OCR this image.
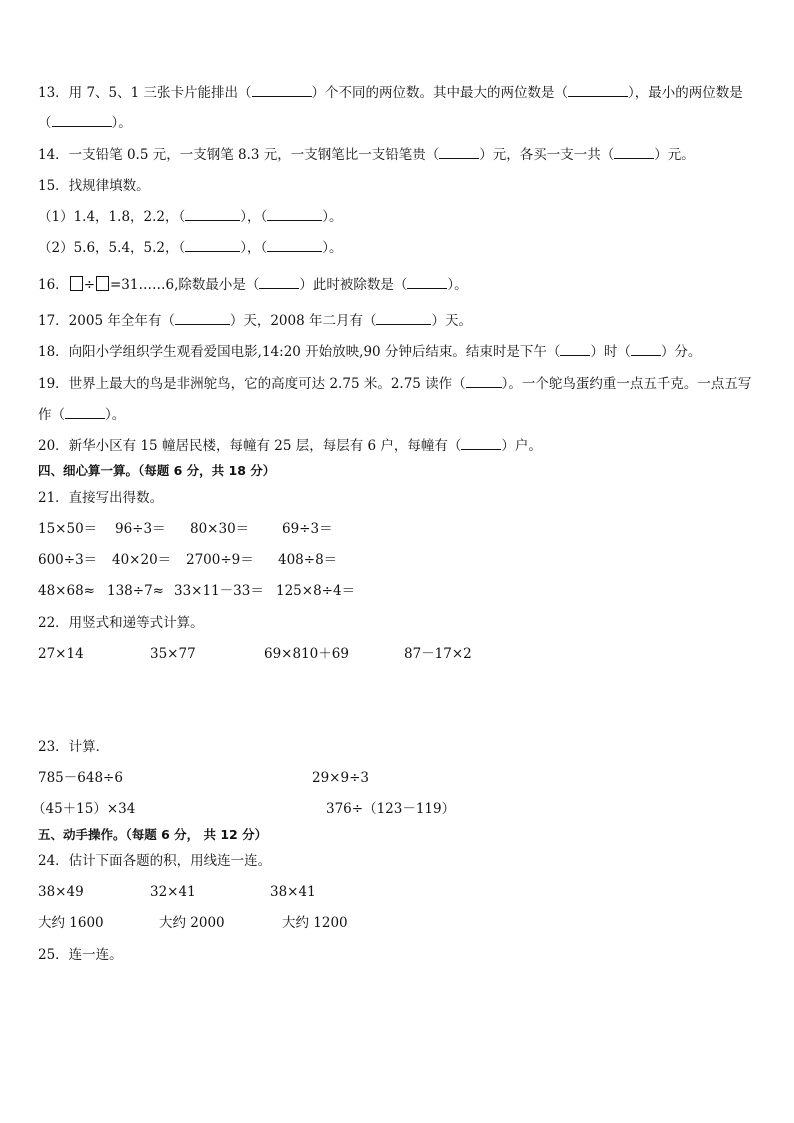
13．用 7、5、1 三张卡片能排出（	）个不同的两位数。其中最大的两位数是（	），最小的两位数是
（	）。
14．一支铅笔 0.5 元，一支钢笔 8.3 元，一支钢笔比一支铅笔贵（	）元，各买一支一共（	）元。
15．找规律填数。
（1）1.4，1.8，2.2，（	），（	）。
（2）5.6，5.4，5.2，（	），（	）。
16． ÷ =31……6,除数最小是（	）此时被除数是（	）。
17．2005 年全年有（	）天，2008 年二月有（	）天。
18．向阳小学组织学生观看爱国电影,14:20 开始放映,90 分钟后结束。结束时是下午（ ）时（ ）分。
19．世界上最大的鸟是非洲鸵鸟，它的高度可达 2.75 米。2.75 读作（	）。一个鸵鸟蛋约重一点五千克。一点五写
作（	）。
20．新华小区有 15 幢居民楼，每幢有 25 层，每层有 6 户，每幢有（	）户。
四、细心算一算。（每题 6 分，共 18 分）
21．直接写出得数。
15×50＝ 96÷3＝ 80×30＝ 69÷3＝
600÷3＝ 40×20＝ 2700÷9＝ 408÷8＝
48×68≈ 138÷7≈ 33×11－33＝ 125×8÷4＝
22．用竖式和递等式计算。
27×14	35×77	69×810＋69	87－17×2
23．计算．
785－648÷6	29×9÷3
（45＋15）×34	376÷（123－119）
五、动手操作。（每题 6 分， 共 12 分）
24．估计下面各题的积，用线连一连。
38×49	32×41	38×41
大约 1600	大约 2000	大约 1200
25．连一连。
